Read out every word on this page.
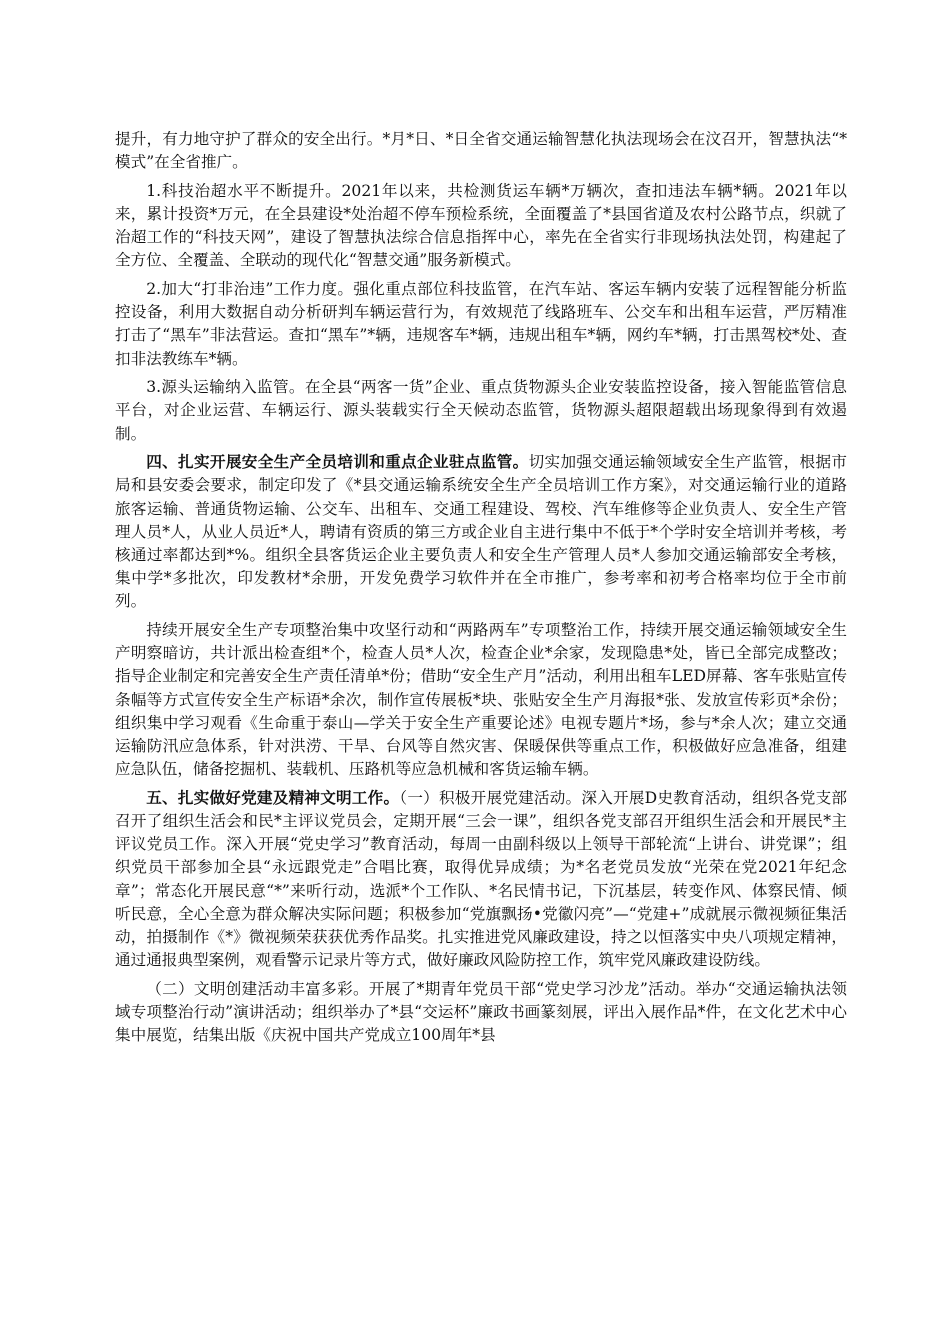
提升，有力地守护了群众的安全出行。*月*日、*日全省交通运输智慧化执法现场会在汶召开，智慧执法“*模式”在全省推广。

1.科技治超水平不断提升。2021年以来，共检测货运车辆*万辆次，查扣违法车辆*辆。2021年以来，累计投资*万元，在全县建设*处治超不停车预检系统，全面覆盖了*县国省道及农村公路节点，织就了治超工作的“科技天网”，建设了智慧执法综合信息指挥中心，率先在全省实行非现场执法处罚，构建起了全方位、全覆盖、全联动的现代化“智慧交通”服务新模式。

2.加大“打非治违”工作力度。强化重点部位科技监管，在汽车站、客运车辆内安装了远程智能分析监控设备，利用大数据自动分析研判车辆运营行为，有效规范了线路班车、公交车和出租车运营，严厉精准打击了“黑车”非法营运。查扣“黑车”*辆，违规客车*辆，违规出租车*辆，网约车*辆，打击黑驾校*处、查扣非法教练车*辆。

3.源头运输纳入监管。在全县“两客一货”企业、重点货物源头企业安装监控设备，接入智能监管信息平台，对企业运营、车辆运行、源头装载实行全天候动态监管，货物源头超限超载出场现象得到有效遏制。

四、扎实开展安全生产全员培训和重点企业驻点监管。切实加强交通运输领域安全生产监管，根据市局和县安委会要求，制定印发了《*县交通运输系统安全生产全员培训工作方案》，对交通运输行业的道路旅客运输、普通货物运输、公交车、出租车、交通工程建设、驾校、汽车维修等企业负责人、安全生产管理人员*人，从业人员近*人，聘请有资质的第三方或企业自主进行集中不低于*个学时安全培训并考核，考核通过率都达到*%。组织全县客货运企业主要负责人和安全生产管理人员*人参加交通运输部安全考核，集中学*多批次，印发教材*余册，开发免费学习软件并在全市推广，参考率和初考合格率均位于全市前列。

持续开展安全生产专项整治集中攻坚行动和“两路两车”专项整治工作，持续开展交通运输领域安全生产明察暗访，共计派出检查组*个，检查人员*人次，检查企业*余家，发现隐患*处，皆已全部完成整改；指导企业制定和完善安全生产责任清单*份；借助“安全生产月”活动，利用出租车LED屏幕、客车张贴宣传条幅等方式宣传安全生产标语*余次，制作宣传展板*块、张贴安全生产月海报*张、发放宣传彩页*余份；组织集中学习观看《生命重于泰山—学关于安全生产重要论述》电视专题片*场，参与*余人次；建立交通运输防汛应急体系，针对洪涝、干旱、台风等自然灾害、保暖保供等重点工作，积极做好应急准备，组建应急队伍，储备挖掘机、装载机、压路机等应急机械和客货运输车辆。

五、扎实做好党建及精神文明工作。（一）积极开展党建活动。深入开展D史教育活动，组织各党支部召开了组织生活会和民*主评议党员会，定期开展“三会一课”，组织各党支部召开组织生活会和开展民*主评议党员工作。深入开展“党史学习”教育活动，每周一由副科级以上领导干部轮流“上讲台、讲党课”；组织党员干部参加全县“永远跟党走”合唱比赛，取得优异成绩；为*名老党员发放“光荣在党2021年纪念章”；常态化开展民意“*”来听行动，选派*个工作队、*名民情书记，下沉基层，转变作风、体察民情、倾听民意，全心全意为群众解决实际问题；积极参加“党旗飘扬•党徽闪亮”—“党建+”成就展示微视频征集活动，拍摄制作《*》微视频荣获获优秀作品奖。扎实推进党风廉政建设，持之以恒落实中央八项规定精神，通过通报典型案例，观看警示记录片等方式，做好廉政风险防控工作，筑牢党风廉政建设防线。

（二）文明创建活动丰富多彩。开展了*期青年党员干部“党史学习沙龙”活动。举办“交通运输执法领域专项整治行动”演讲活动；组织举办了*县“交运杯”廉政书画篆刻展，评出入展作品*件，在文化艺术中心集中展览，结集出版《庆祝中国共产党成立100周年*县
